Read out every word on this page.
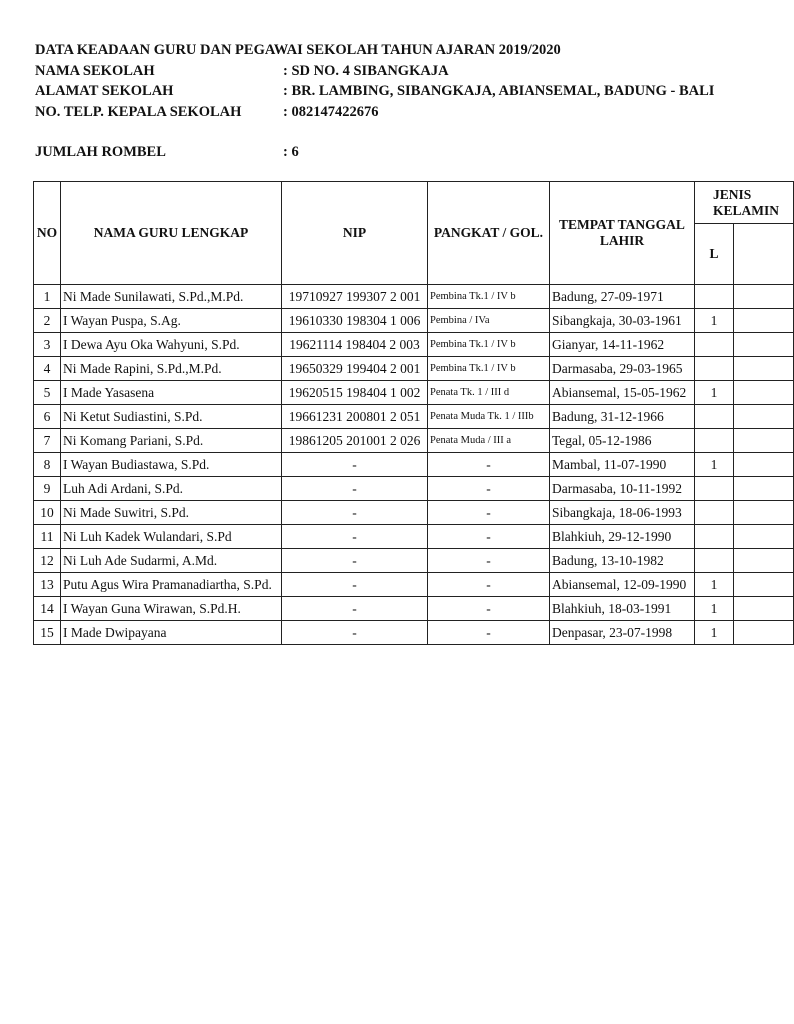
DATA KEADAAN GURU DAN PEGAWAI SEKOLAH TAHUN AJARAN 2019/2020
NAMA SEKOLAH	: SD NO. 4 SIBANGKAJA
ALAMAT SEKOLAH	: BR. LAMBING, SIBANGKAJA, ABIANSEMAL, BADUNG - BALI
NO. TELP. KEPALA SEKOLAH	: 082147422676
JUMLAH ROMBEL	: 6
NO	NAMA GURU LENGKAP	NIP	PANGKAT / GOL.	TEMPAT TANGGAL LAHIR	JENIS KELAMIN	
					L	
1	Ni Made Sunilawati, S.Pd.,M.Pd.	19710927 199307 2 001	Pembina Tk.1 / IV b	Badung, 27-09-1971		
2	I Wayan Puspa, S.Ag.	19610330 198304 1 006	Pembina / IVa	Sibangkaja, 30-03-1961	1	
3	I Dewa Ayu Oka Wahyuni, S.Pd.	19621114 198404 2 003	Pembina Tk.1 / IV b	Gianyar, 14-11-1962		
4	Ni Made Rapini, S.Pd.,M.Pd.	19650329 199404 2 001	Pembina Tk.1 / IV b	Darmasaba, 29-03-1965		
5	I Made Yasasena	19620515 198404 1 002	Penata Tk. 1 / III d	Abiansemal, 15-05-1962	1	
6	Ni Ketut Sudiastini, S.Pd.	19661231 200801 2 051	Penata Muda Tk. 1 / IIIb	Badung, 31-12-1966		
7	Ni Komang Pariani, S.Pd.	19861205 201001 2 026	Penata Muda / III a	Tegal, 05-12-1986		
8	I Wayan Budiastawa, S.Pd.	-	-	Mambal, 11-07-1990	1	
9	Luh Adi Ardani, S.Pd.	-	-	Darmasaba, 10-11-1992		
10	Ni Made Suwitri, S.Pd.	-	-	Sibangkaja, 18-06-1993		
11	Ni Luh Kadek Wulandari, S.Pd	-	-	Blahkiuh, 29-12-1990		
12	Ni Luh Ade Sudarmi, A.Md.	-	-	Badung, 13-10-1982		
13	Putu Agus Wira Pramanadiartha, S.Pd.	-	-	Abiansemal, 12-09-1990	1	
14	I Wayan Guna Wirawan, S.Pd.H.	-	-	Blahkiuh, 18-03-1991	1	
15	I Made Dwipayana	-	-	Denpasar, 23-07-1998	1	
